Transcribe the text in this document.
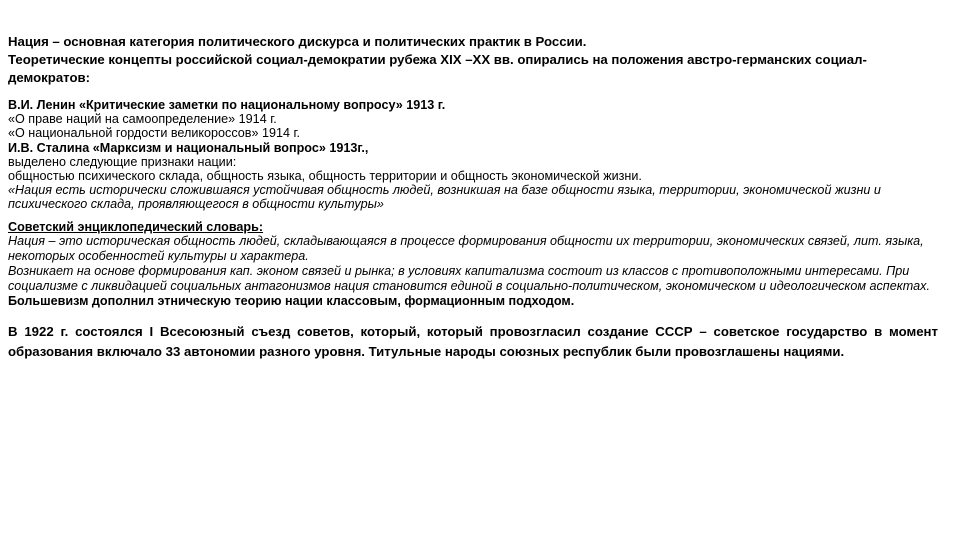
Нация – основная категория политического дискурса и политических практик в России.
Теоретические концепты российской социал-демократии рубежа XIX –XX вв. опирались на положения австро-германских социал-демократов:
В.И. Ленин «Критические заметки по национальному вопросу» 1913 г.
«О праве наций на самоопределение» 1914 г.
«О национальной гордости великороссов» 1914 г.
И.В. Сталина «Марксизм и национальный вопрос» 1913г.,
выделено следующие признаки нации:
общностью психического склада, общность языка, общность территории и общность экономической жизни.
«Нация есть исторически сложившаяся устойчивая общность людей, возникшая на базе общности языка, территории, экономической жизни и психического склада, проявляющегося в общности культуры»
Советский энциклопедический словарь:
Нация – это историческая общность людей, складывающаяся в процессе формирования общности их территории, экономических связей, лит. языка, некоторых особенностей культуры и характера.
Возникает на основе формирования кап. эконом связей и рынка; в условиях капитализма состоит из классов с противоположными интересами. При социализме с ликвидацией социальных антагонизмов нация становится единой в социально-политическом, экономическом и идеологическом аспектах.
Большевизм дополнил этническую теорию нации классовым, формационным подходом.
В 1922 г. состоялся I Всесоюзный съезд советов, который, который провозгласил создание СССР – советское государство в момент образования включало 33 автономии разного уровня. Титульные народы союзных республик были провозглашены нациями.
